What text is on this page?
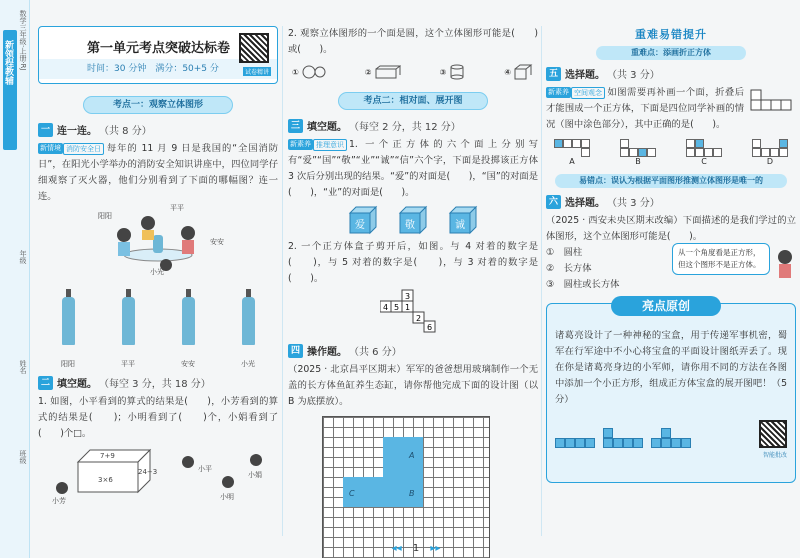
新领程教辅 数学三年级·上册·RJ
年级
姓名
班级
第一单元考点突破达标卷
时间：30 分钟　满分：50+5 分	试卷精讲
考点一：观察立体图形
一 连一连。 （共 8 分）
新情境 消防安全日 每年的 11 月 9 日是我国的“全国消防日”，在阳光小学举办的消防安全知识讲座中，四位同学仔细观察了灭火器，他们分别看到了下面的哪幅图？连一连。
阳阳
平平
安安
小光
阳阳	平平	安安	小光
二 填空题。 （每空 3 分，共 18 分）
1. 如图，小平看到的算式的结果是(　　)，小芳看到的算式的结果是(　　)；小明看到了(　　)个，小娟看到了(　　)个□。
7+9
3×6
24−3
小芳
小平
小明
小娟
2. 观察立体图形的一个面是圆，这个立体图形可能是(　　)或(　　)。
①	②	③	④
考点二：相对面、展开图
三 填空题。 （每空 2 分，共 12 分）
新素养 推理意识 1. 一个正方体的六个面上分别写有“爱”“国”“敬”“业”“诚”“信”六个字，下面是投掷该正方体 3 次后分别出现的结果。“爱”的对面是(　　)，“国”的对面是(　　)，“业”的对面是(　　)。
爱	敬	诚
2. 一个正方体盒子剪开后，如图。与 4 对着的数字是(　　)，与 5 对着的数字是(　　)，与 3 对着的数字是(　　)。
3
4 5 1
2
6
四 操作题。 （共 6 分）
（2025 · 北京昌平区期末）军军的爸爸想用玻璃制作一个无盖的长方体鱼缸养生态缸，请你帮他完成下面的设计图（以 B 为底摆放）。
A
B
C
重难易错提升
重难点：添画折正方体
五 选择题。 （共 3 分）
新素养 空间观念 如图需要再补画一个面，折叠后才能围成一个正方体，下面是四位同学补画的情况（图中涂色部分），其中正确的是(　　)。
A	B	C	D
易错点：误认为根据平面图形推测立体图形是唯一的
六 选择题。 （共 3 分）
（2025 · 西安未央区期末改编）下面描述的是我们学过的立体图形，这个立体图形可能是(　　)。
①　圆柱
②　长方体
③　圆柱或长方体
从一个角度看是正方形，但这个图形不是正方体。
亮点原创
诸葛亮设计了一种神秘的宝盒，用于传递军事机密，蜀军在行军途中不小心将宝盒的平面设计图纸弄丢了。现在你是诸葛亮身边的小军师，请你用不同的方法在各图中添加一个小正方形，组成正方体宝盒的展开图吧！（5 分）
智能批改
◂◂ 1 ▸▸
